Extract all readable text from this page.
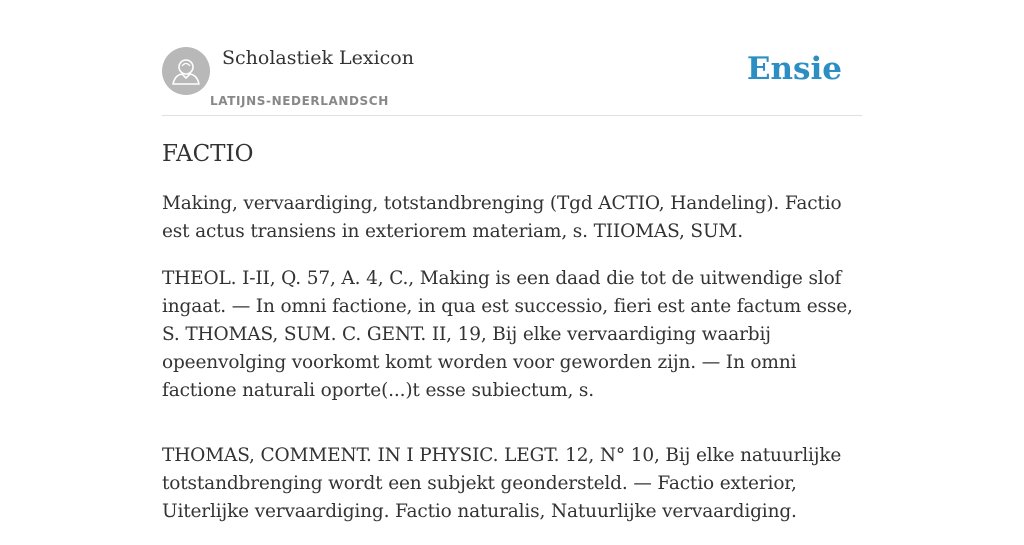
Scholastiek Lexicon
LATIJNS-NEDERLANDSCH
Ensie
FACTIO

Making, vervaardiging, totstandbrenging (Tgd ACTIO, Handeling). Factio est actus transiens in exteriorem materiam, s. TIIOMAS, SUM.

THEOL. I-II, Q. 57, A. 4, C., Making is een daad die tot de uitwendige slof ingaat. — In omni factione, in qua est successio, fieri est ante factum esse, S. THOMAS, SUM. C. GENT. II, 19, Bij elke vervaardiging waarbij opeenvolging voorkomt komt worden voor geworden zijn. — In omni factione naturali oporte(...)t esse subiectum, s.

THOMAS, COMMENT. IN I PHYSIC. LEGT. 12, N° 10, Bij elke natuurlijke totstandbrenging wordt een subjekt geondersteld. — Factio exterior, Uiterlijke vervaardiging. Factio naturalis, Natuurlijke vervaardiging.
